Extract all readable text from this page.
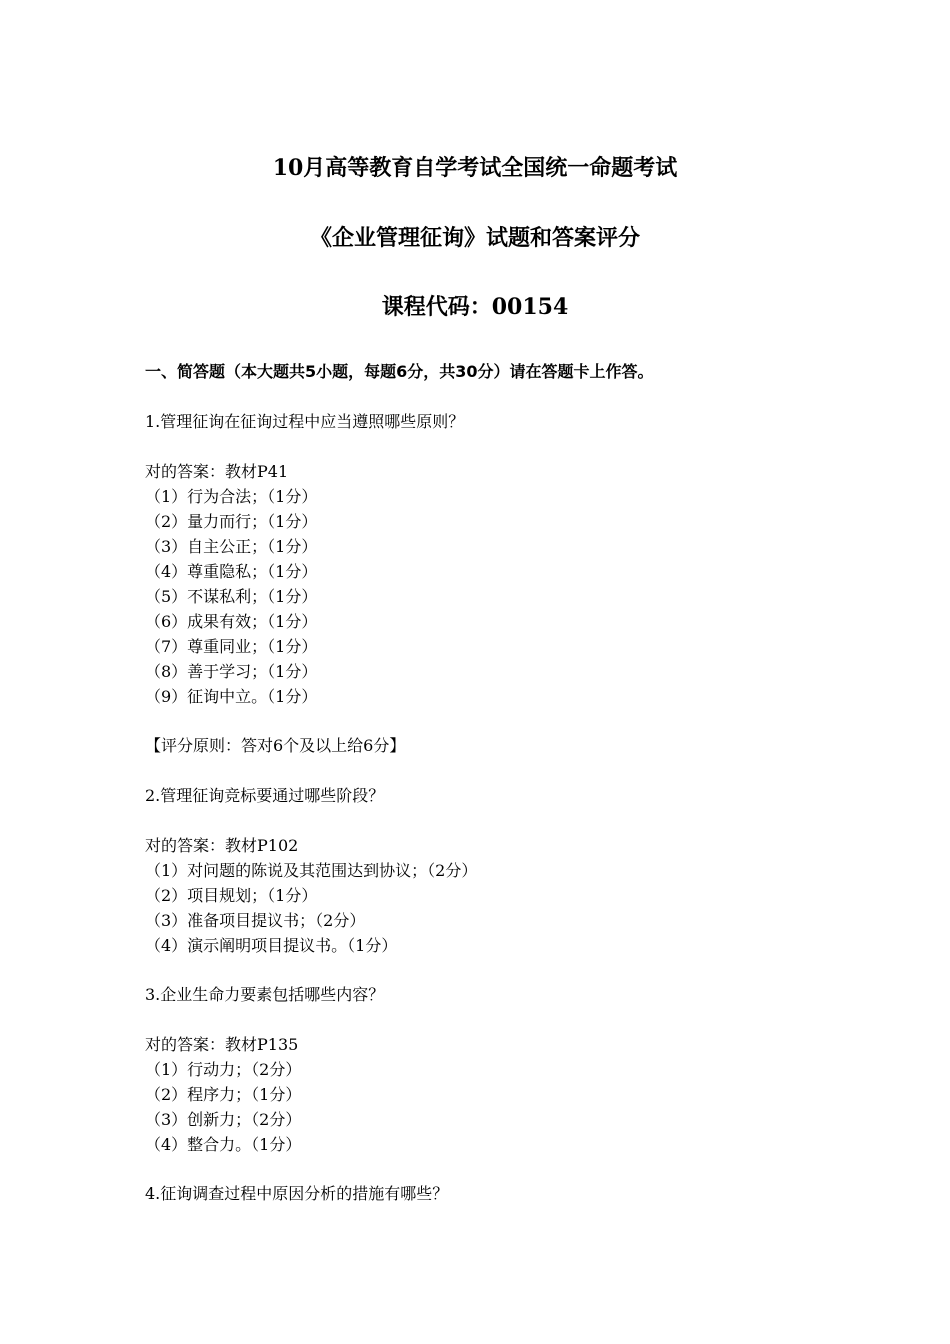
10月高等教育自学考试全国统一命题考试
《企业管理征询》试题和答案评分
课程代码：00154
一、简答题（本大题共5小题，每题6分，共30分）请在答题卡上作答。
1.管理征询在征询过程中应当遵照哪些原则？
对的答案：教材P41
（1）行为合法；（1分）
（2）量力而行；（1分）
（3）自主公正；（1分）
（4）尊重隐私；（1分）
（5）不谋私利；（1分）
（6）成果有效；（1分）
（7）尊重同业；（1分）
（8）善于学习；（1分）
（9）征询中立。（1分）
【评分原则：答对6个及以上给6分】
2.管理征询竞标要通过哪些阶段？
对的答案：教材P102
（1）对问题的陈说及其范围达到协议；（2分）
（2）项目规划；（1分）
（3）准备项目提议书；（2分）
（4）演示阐明项目提议书。（1分）
3.企业生命力要素包括哪些内容？
对的答案：教材P135
（1）行动力；（2分）
（2）程序力；（1分）
（3）创新力；（2分）
（4）整合力。（1分）
4.征询调查过程中原因分析的措施有哪些？
